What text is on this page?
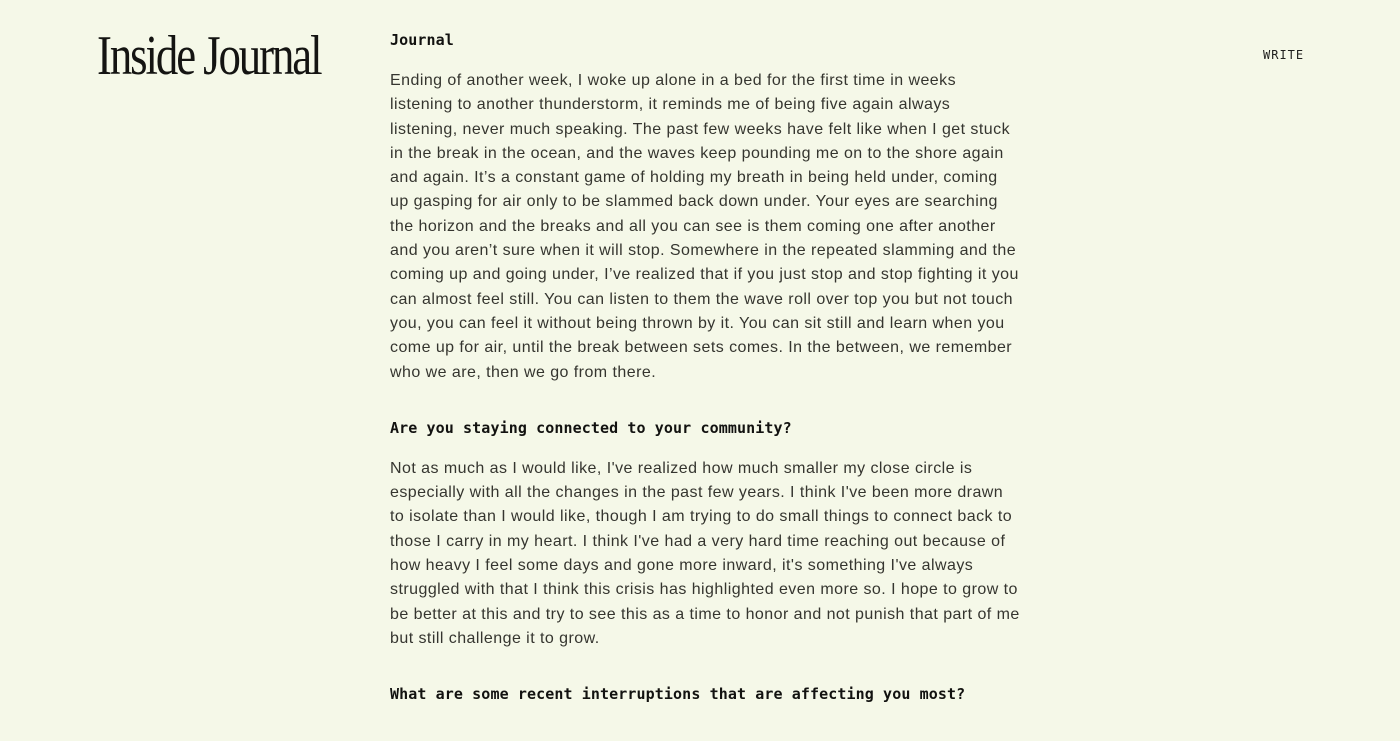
Inside Journal	WRITE
Journal

Ending of another week, I woke up alone in a bed for the first time in weeks listening to another thunderstorm, it reminds me of being five again always listening, never much speaking. The past few weeks have felt like when I get stuck in the break in the ocean, and the waves keep pounding me on to the shore again and again. It’s a constant game of holding my breath in being held under, coming up gasping for air only to be slammed back down under. Your eyes are searching the horizon and the breaks and all you can see is them coming one after another and you aren’t sure when it will stop. Somewhere in the repeated slamming and the coming up and going under, I’ve realized that if you just stop and stop fighting it you can almost feel still. You can listen to them the wave roll over top you but not touch you, you can feel it without being thrown by it. You can sit still and learn when you come up for air, until the break between sets comes. In the between, we remember who we are, then we go from there.

Are you staying connected to your community?

Not as much as I would like, I've realized how much smaller my close circle is especially with all the changes in the past few years. I think I've been more drawn to isolate than I would like, though I am trying to do small things to connect back to those I carry in my heart. I think I've had a very hard time reaching out because of how heavy I feel some days and gone more inward, it's something I've always struggled with that I think this crisis has highlighted even more so. I hope to grow to be better at this and try to see this as a time to honor and not punish that part of me but still challenge it to grow.

What are some recent interruptions that are affecting you most?
